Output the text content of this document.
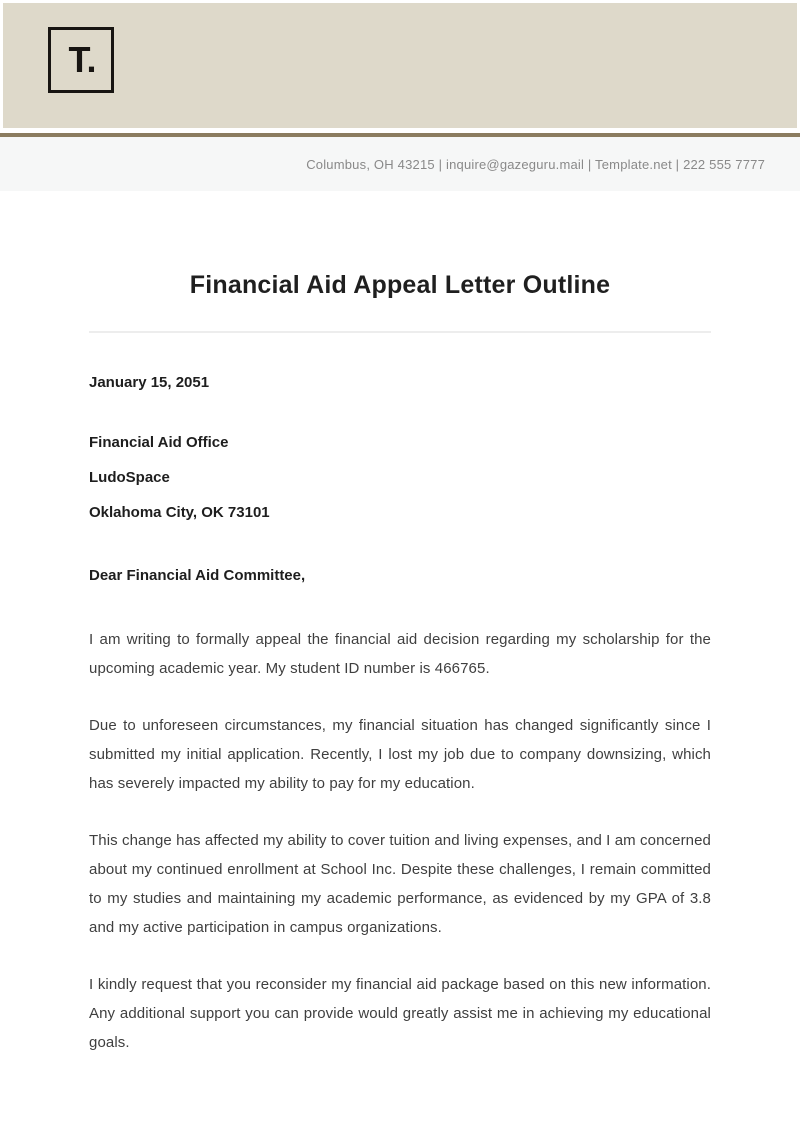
T.
Columbus, OH 43215 | inquire@gazeguru.mail | Template.net | 222 555 7777
Financial Aid Appeal Letter Outline

January 15, 2051

Financial Aid Office

LudoSpace

Oklahoma City, OK 73101

Dear Financial Aid Committee,

I am writing to formally appeal the financial aid decision regarding my scholarship for the upcoming academic year. My student ID number is 466765.

Due to unforeseen circumstances, my financial situation has changed significantly since I submitted my initial application. Recently, I lost my job due to company downsizing, which has severely impacted my ability to pay for my education.

This change has affected my ability to cover tuition and living expenses, and I am concerned about my continued enrollment at School Inc. Despite these challenges, I remain committed to my studies and maintaining my academic performance, as evidenced by my GPA of 3.8 and my active participation in campus organizations.

I kindly request that you reconsider my financial aid package based on this new information. Any additional support you can provide would greatly assist me in achieving my educational goals.
